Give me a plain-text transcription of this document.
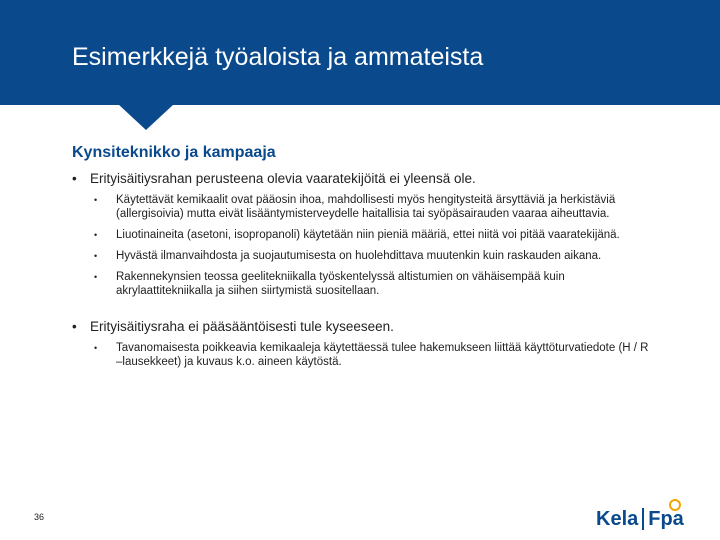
Esimerkkejä työaloista ja ammateista
Kynsiteknikko ja kampaaja
• Erityisäitiysrahan perusteena olevia vaaratekijöitä ei yleensä ole.
• Käytettävät kemikaalit ovat pääosin ihoa, mahdollisesti myös hengitysteitä ärsyttäviä ja herkistäviä (allergisoivia) mutta eivät lisääntymisterveydelle haitallisia tai syöpäsairauden vaaraa aiheuttavia.
• Liuotinaineita (asetoni, isopropanoli) käytetään niin pieniä määriä, ettei niitä voi pitää vaaratekijänä.
• Hyvästä ilmanvaihdosta ja suojautumisesta on huolehdittava muutenkin kuin raskauden aikana.
• Rakennekynsien teossa geelitekniikalla työskentelyssä altistumien on vähäisempää kuin akrylaattitekniikalla ja siihen siirtymistä suositellaan.
• Erityisäitiysraha ei pääsääntöisesti tule kyseeseen.
• Tavanomaisesta poikkeavia kemikaaleja käytettäessä tulee hakemukseen liittää käyttöturvatiedote (H / R –lausekkeet) ja kuvaus k.o. aineen käytöstä.
36	Kela Fpa
